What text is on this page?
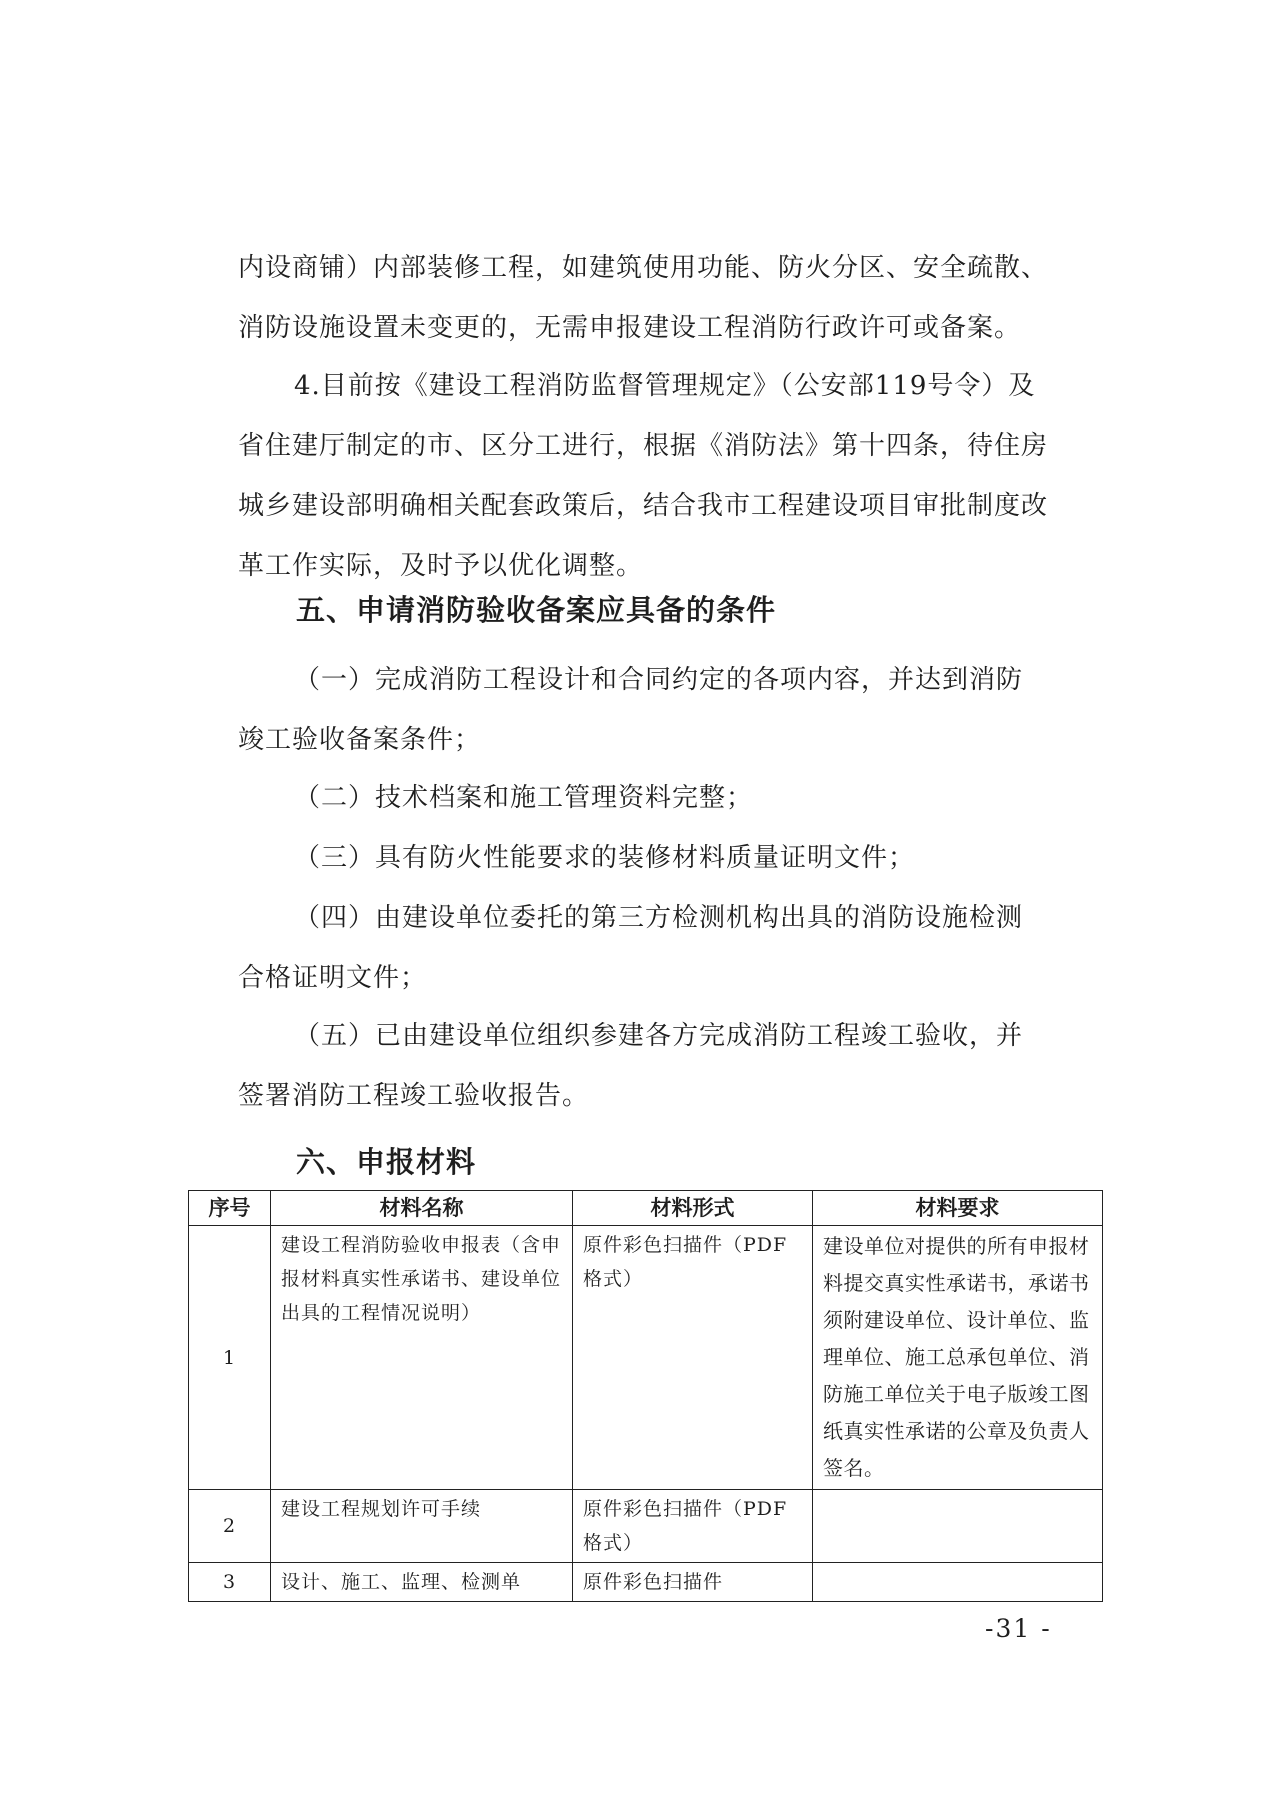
内设商铺）内部装修工程，如建筑使用功能、防火分区、安全疏散、消防设施设置未变更的，无需申报建设工程消防行政许可或备案。

4.目前按《建设工程消防监督管理规定》（公安部119号令）及省住建厅制定的市、区分工进行，根据《消防法》第十四条，待住房城乡建设部明确相关配套政策后，结合我市工程建设项目审批制度改革工作实际，及时予以优化调整。

五、申请消防验收备案应具备的条件

（一）完成消防工程设计和合同约定的各项内容，并达到消防竣工验收备案条件；

（二）技术档案和施工管理资料完整；

（三）具有防火性能要求的装修材料质量证明文件；

（四）由建设单位委托的第三方检测机构出具的消防设施检测合格证明文件；

（五）已由建设单位组织参建各方完成消防工程竣工验收，并签署消防工程竣工验收报告。

六、申报材料
序号	材料名称	材料形式	材料要求
1	建设工程消防验收申报表（含申报材料真实性承诺书、建设单位出具的工程情况说明）	原件彩色扫描件（PDF格式）	建设单位对提供的所有申报材料提交真实性承诺书，承诺书须附建设单位、设计单位、监理单位、施工总承包单位、消防施工单位关于电子版竣工图纸真实性承诺的公章及负责人签名。
2	建设工程规划许可手续	原件彩色扫描件（PDF格式）	
3	设计、施工、监理、检测单	原件彩色扫描件	
-31 -
